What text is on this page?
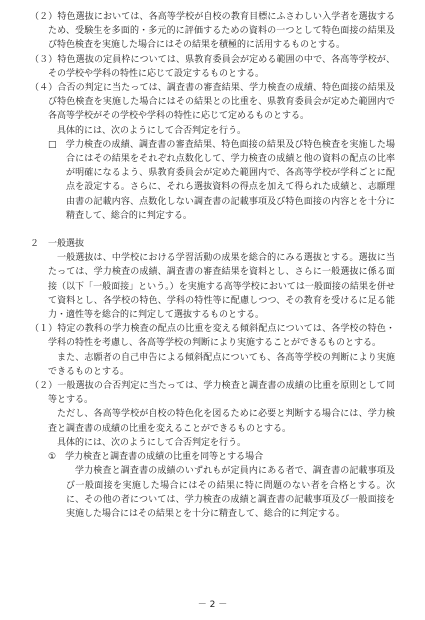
（２）特色選抜においては、各高等学校が自校の教育目標にふさわしい入学者を選抜するため、受験生を多面的・多元的に評価するための資料の一つとして特色面接の結果及び特色検査を実施した場合にはその結果を積極的に活用するものとする。

（３）特色選抜の定員枠については、県教育委員会が定める範囲の中で、各高等学校が、その学校や学科の特性に応じて設定するものとする。

（４）合否の判定に当たっては、調査書の審査結果、学力検査の成績、特色面接の結果及び特色検査を実施した場合にはその結果との比重を、県教育委員会が定めた範囲内で各高等学校がその学校や学科の特性に応じて定めるものとする。

具体的には、次のようにして合否判定を行う。

□　学力検査の成績、調査書の審査結果、特色面接の結果及び特色検査を実施した場合にはその結果をそれぞれ点数化して、学力検査の成績と他の資料の配点の比率が明確になるよう、県教育委員会が定めた範囲内で、各高等学校が学科ごとに配点を設定する。さらに、それら選抜資料の得点を加えて得られた成績と、志願理由書の記載内容、点数化しない調査書の記載事項及び特色面接の内容とを十分に精査して、総合的に判定する。

２　一般選抜

一般選抜は、中学校における学習活動の成果を総合的にみる選抜とする。選抜に当たっては、学力検査の成績、調査書の審査結果を資料とし、さらに一般選抜に係る面接（以下「一般面接」という。）を実施する高等学校においては一般面接の結果を併せて資料とし、各学校の特色、学科の特性等に配慮しつつ、その教育を受けるに足る能力・適性等を総合的に判定して選抜するものとする。

（１）特定の教科の学力検査の配点の比重を変える傾斜配点については、各学校の特色・学科の特性を考慮し、各高等学校の判断により実施することができるものとする。

また、志願者の自己申告による傾斜配点についても、各高等学校の判断により実施できるものとする。

（２）一般選抜の合否判定に当たっては、学力検査と調査書の成績の比重を原則として同等とする。

ただし、各高等学校が自校の特色化を図るために必要と判断する場合には、学力検査と調査書の成績の比重を変えることができるものとする。

具体的には、次のようにして合否判定を行う。

①　学力検査と調査書の成績の比重を同等とする場合

学力検査と調査書の成績のいずれもが定員内にある者で、調査書の記載事項及び一般面接を実施した場合にはその結果に特に問題のない者を合格とする。次に、その他の者については、学力検査の成績と調査書の記載事項及び一般面接を実施した場合にはその結果とを十分に精査して、総合的に判定する。

－ 2 －
